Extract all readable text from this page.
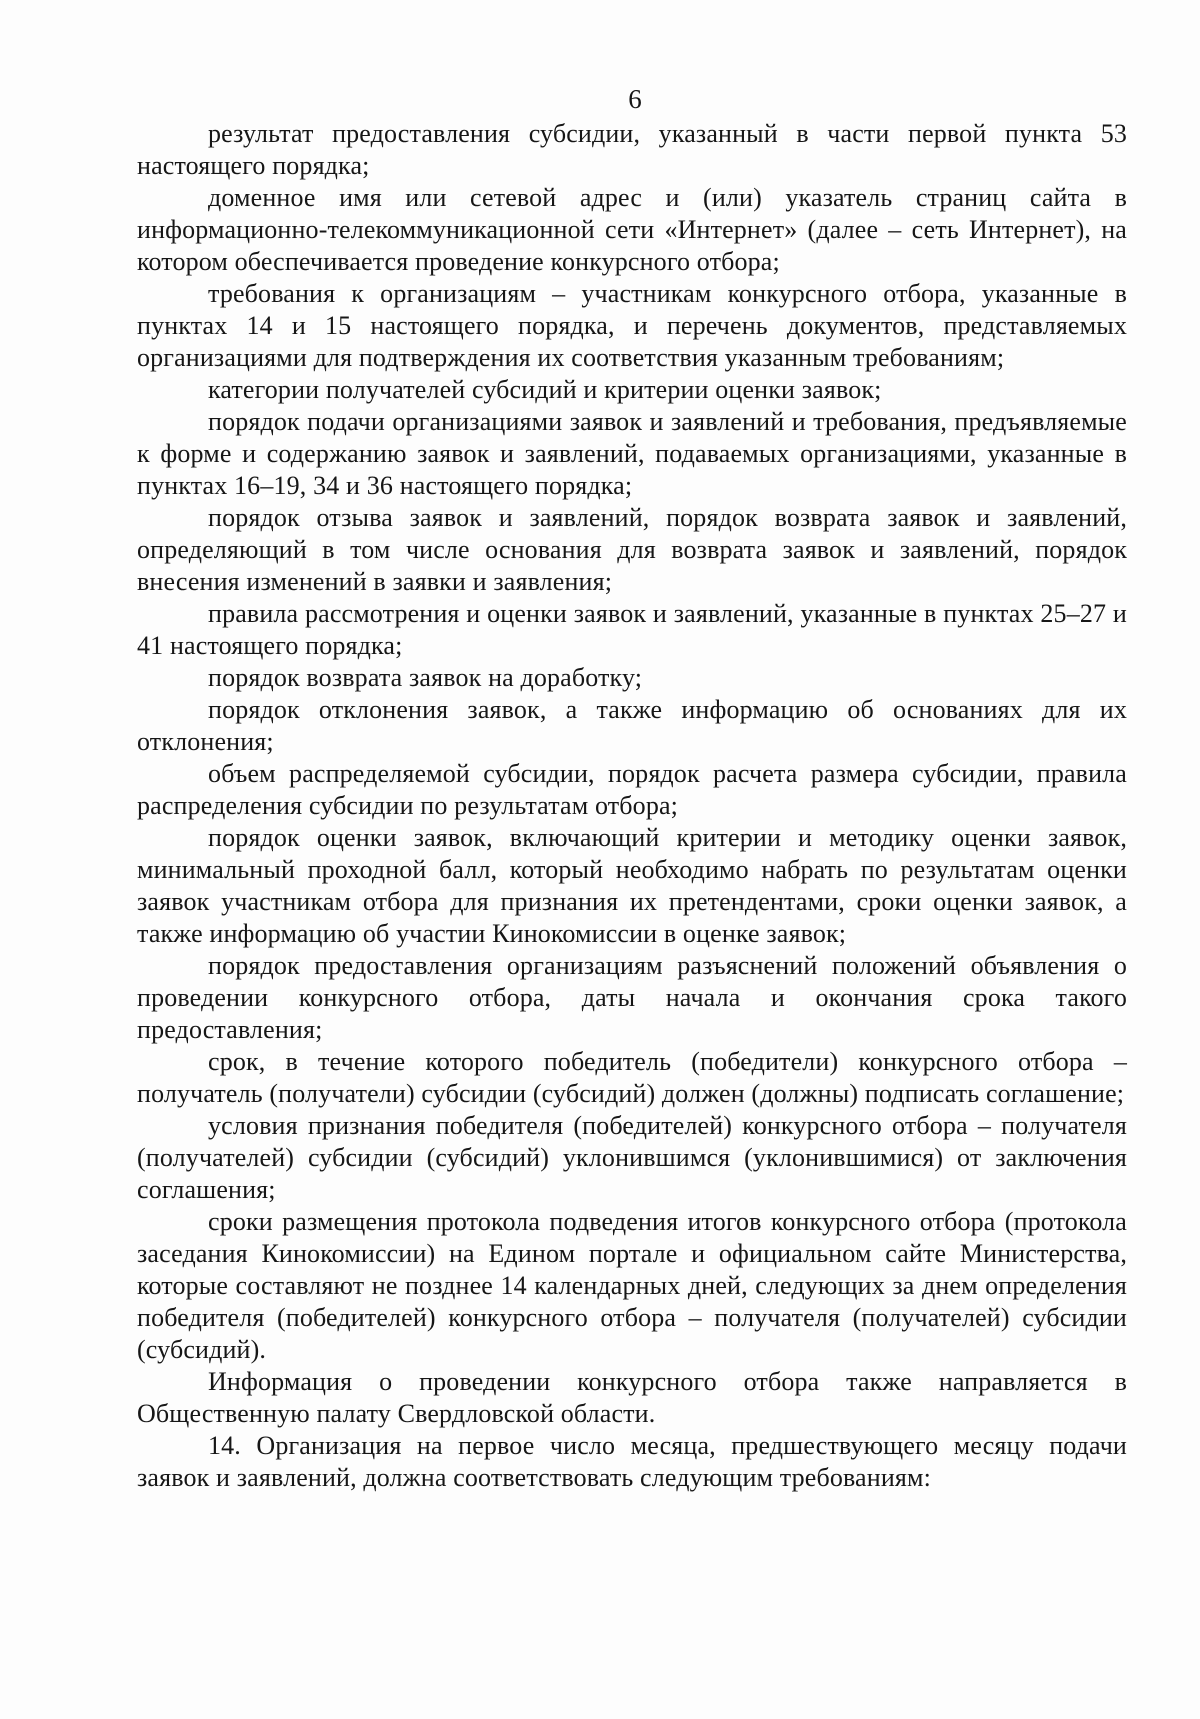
6

результат предоставления субсидии, указанный в части первой пункта 53 настоящего порядка;

доменное имя или сетевой адрес и (или) указатель страниц сайта в информационно-телекоммуникационной сети «Интернет» (далее – сеть Интернет), на котором обеспечивается проведение конкурсного отбора;

требования к организациям – участникам конкурсного отбора, указанные в пунктах 14 и 15 настоящего порядка, и перечень документов, представляемых организациями для подтверждения их соответствия указанным требованиям;

категории получателей субсидий и критерии оценки заявок;

порядок подачи организациями заявок и заявлений и требования, предъявляемые к форме и содержанию заявок и заявлений, подаваемых организациями, указанные в пунктах 16–19, 34 и 36 настоящего порядка;

порядок отзыва заявок и заявлений, порядок возврата заявок и заявлений, определяющий в том числе основания для возврата заявок и заявлений, порядок внесения изменений в заявки и заявления;

правила рассмотрения и оценки заявок и заявлений, указанные в пунктах 25–27 и 41 настоящего порядка;

порядок возврата заявок на доработку;

порядок отклонения заявок, а также информацию об основаниях для их отклонения;

объем распределяемой субсидии, порядок расчета размера субсидии, правила распределения субсидии по результатам отбора;

порядок оценки заявок, включающий критерии и методику оценки заявок, минимальный проходной балл, который необходимо набрать по результатам оценки заявок участникам отбора для признания их претендентами, сроки оценки заявок, а также информацию об участии Кинокомиссии в оценке заявок;

порядок предоставления организациям разъяснений положений объявления о проведении конкурсного отбора, даты начала и окончания срока такого предоставления;

срок, в течение которого победитель (победители) конкурсного отбора – получатель (получатели) субсидии (субсидий) должен (должны) подписать соглашение;

условия признания победителя (победителей) конкурсного отбора – получателя (получателей) субсидии (субсидий) уклонившимся (уклонившимися) от заключения соглашения;

сроки размещения протокола подведения итогов конкурсного отбора (протокола заседания Кинокомиссии) на Едином портале и официальном сайте Министерства, которые составляют не позднее 14 календарных дней, следующих за днем определения победителя (победителей) конкурсного отбора – получателя (получателей) субсидии (субсидий).

Информация о проведении конкурсного отбора также направляется в Общественную палату Свердловской области.

14. Организация на первое число месяца, предшествующего месяцу подачи заявок и заявлений, должна соответствовать следующим требованиям:
